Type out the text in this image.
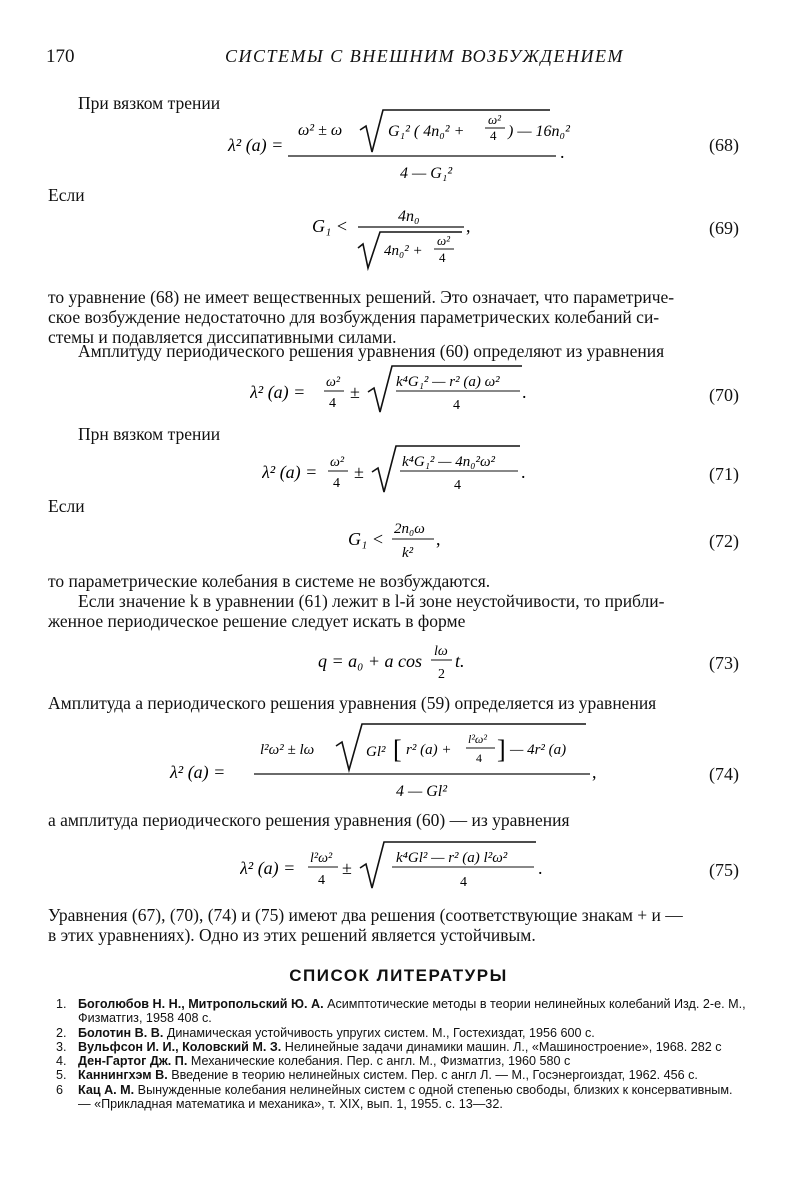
170	СИСТЕМЫ С ВНЕШНИМ ВОЗБУЖДЕНИЕМ
При вязком трении
λ² (a) =
ω² ± ω	G₁² ( 4n₀² +
ω²
4 ) — 16n₀²
4 — G₁²
.	(68)
Если
G₁ <	4n₀
4n₀² +
ω²
4
,	(69)
то уравнение (68) не имеет вещественных решений. Это означает, что параметриче-
ское возбуждение недостаточно для возбуждения параметрических колебаний си-
стемы и подавляется диссипативными силами.
Амплитуду периодического решения уравнения (60) определяют из уравнения
λ² (a) = ω²
4
± k⁴G₁² — r² (a) ω²
4
.	(70)
Прн вязком трении
λ² (a) = ω²
4
±	k⁴G₁² — 4n₀²ω²
4
.	(71)
Если
G₁ < 2n₀ω
k²
,	(72)
то параметрические колебания в системе не возбуждаются.
Если значение k в уравнении (61) лежит в l-й зоне неустойчивости, то прибли-
женное периодическое решение следует искать в форме
q = a₀ + a cos lω
2
t.	(73)
Амплитуда a периодического решения уравнения (59) определяется из уравнения
λ² (a) =
l²ω² ± lω	Gl² [ r² (a) +
l²ω²
4 ] — 4r² (a)
4 — Gl²
,	(74)
а амплитуда периодического решения уравнения (60) — из уравнения
λ² (a) = l²ω²
4
±	k⁴Gl² — r² (a) l²ω²
4
.	(75)
Уравнения (67), (70), (74) и (75) имеют два решения (соответствующие знакам + и —
в этих уравнениях). Одно из этих решений является устойчивым.
СПИСОК ЛИТЕРАТУРЫ
1. Боголюбов Н. Н., Митропольский Ю. А. Асимптотические методы в теории нелинейных колебаний Изд. 2-е. М., Физматгиз, 1958 408 с.
2. Болотин В. В. Динамическая устойчивость упругих систем. М., Гостехиздат, 1956 600 с.
3. Вульфсон И. И., Коловский М. З. Нелинейные задачи динамики машин. Л., «Машиностроение», 1968. 282 с
4. Ден-Гартог Дж. П. Механические колебания. Пер. с англ. М., Физматгиз, 1960 580 с
5. Каннингхэм В. Введение в теорию нелинейных систем. Пер. с англ Л. — М., Госэнергоиздат, 1962. 456 с.
6 Кац А. М. Вынужденные колебания нелинейных систем с одной степенью свободы, близких к консервативным. — «Прикладная математика и механика», т. XIX, вып. 1, 1955. с. 13—32.
